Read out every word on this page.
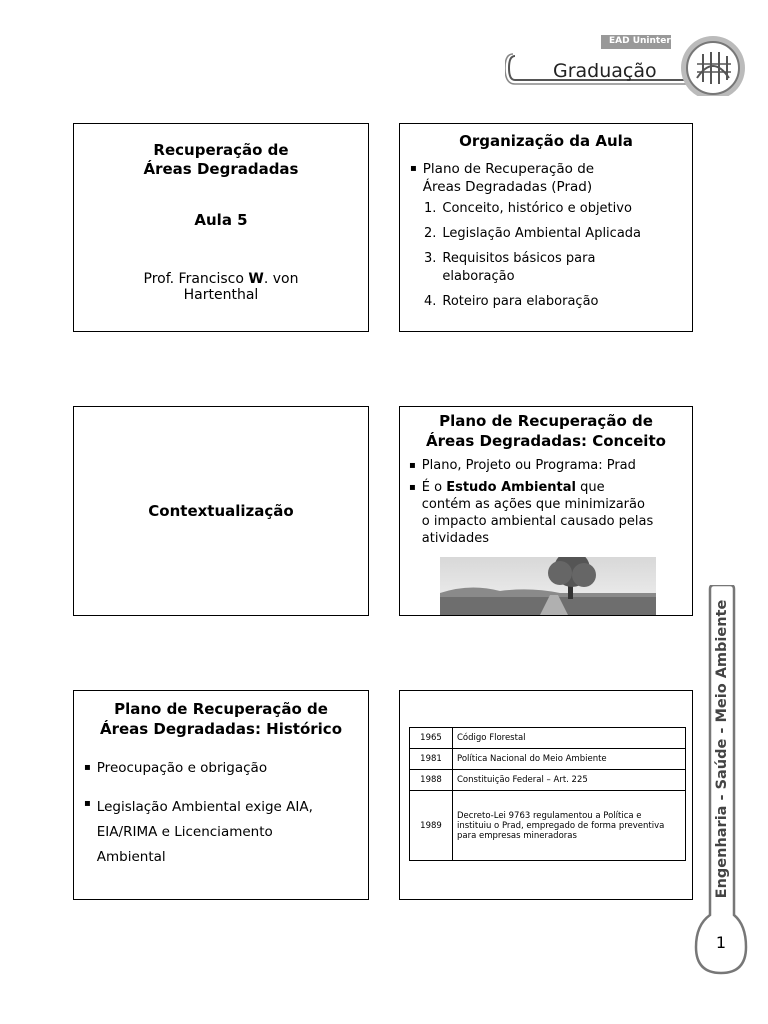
EAD Uninter
Graduação
Recuperação de
Áreas Degradadas
Aula 5
Prof. Francisco W. von
Hartenthal
Organização da Aula
▪ Plano de Recuperação de
Áreas Degradadas (Prad)
1. Conceito, histórico e objetivo
2. Legislação Ambiental Aplicada
3. Requisitos básicos para
elaboração
4. Roteiro para elaboração
Contextualização
Plano de Recuperação de
Áreas Degradadas: Conceito
▪ Plano, Projeto ou Programa: Prad
▪ É o Estudo Ambiental que
contém as ações que minimizarão
o impacto ambiental causado pelas
atividades
Plano de Recuperação de
Áreas Degradadas: Histórico
▪ Preocupação e obrigação
▪ Legislação Ambiental exige AIA,
EIA/RIMA e Licenciamento
Ambiental
1965	Código Florestal
1981	Política Nacional do Meio Ambiente
1988	Constituição Federal – Art. 225
1989	Decreto-Lei 9763 regulamentou a Política e instituiu o Prad, empregado de forma preventiva para empresas mineradoras	Engenharia - Saúde - Meio Ambiente
1
